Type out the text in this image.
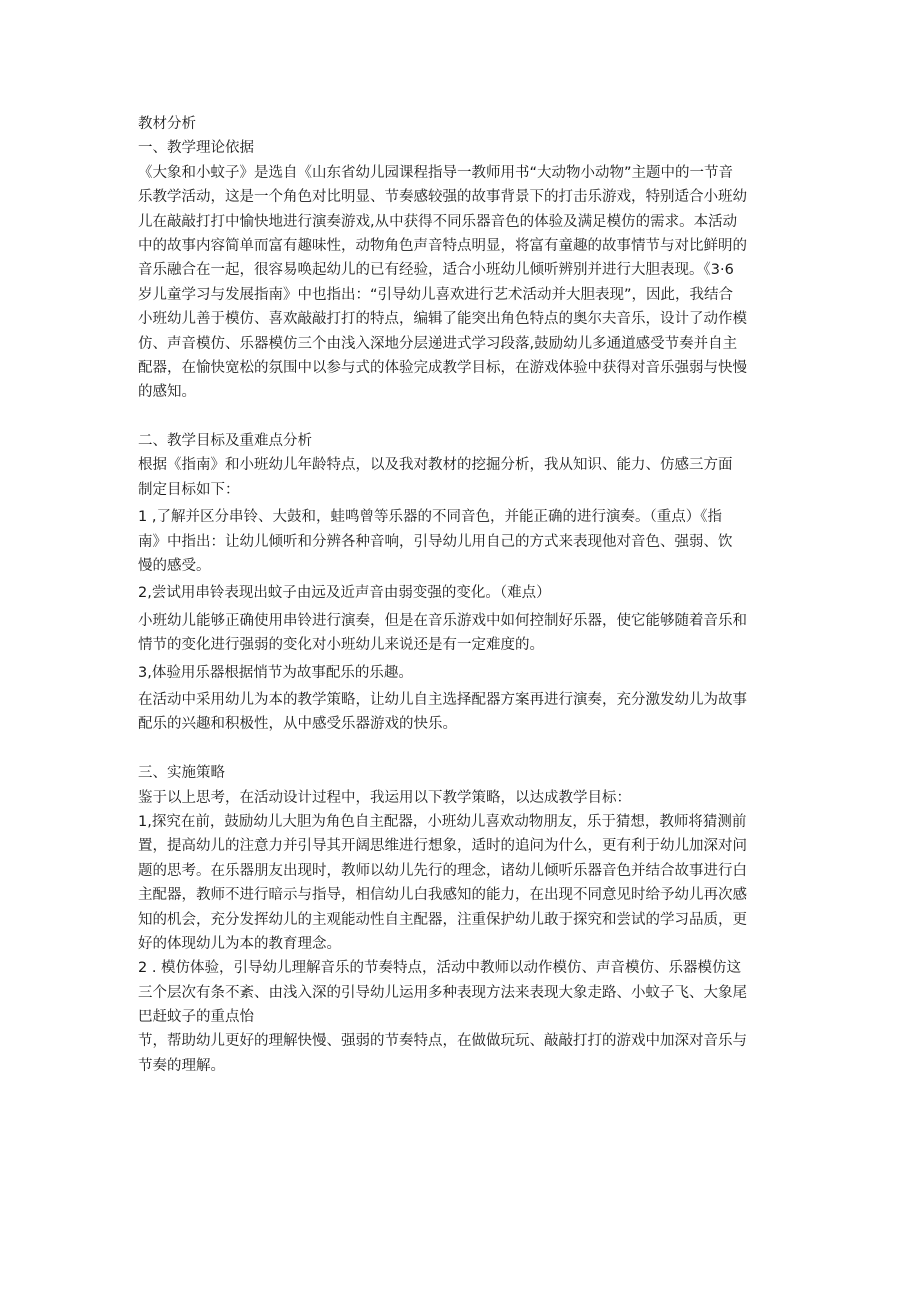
教材分析
一、教学理论依据
《大象和小蚊子》是选自《山东省幼儿园课程指导一教师用书“大动物小动物”主题中的一节音
乐教学活动，这是一个角色对比明显、节奏感较强的故事背景下的打击乐游戏，特别适合小班幼
儿在敲敲打打中愉快地进行演奏游戏,从中获得不同乐器音色的体验及满足模仿的需求。本活动
中的故事内容简单而富有趣味性，动物角色声音特点明显，将富有童趣的故事情节与对比鲜明的
音乐融合在一起，很容易唤起幼儿的已有经验，适合小班幼儿倾听辨别并进行大胆表现。《3·6
岁儿童学习与发展指南》中也指出：“引导幼儿喜欢进行艺术活动并大胆表现”，因此，我结合
小班幼儿善于模仿、喜欢敲敲打打的特点，编辑了能突出角色特点的奥尔夫音乐，设计了动作模
仿、声音模仿、乐器模仿三个由浅入深地分层递进式学习段落,鼓励幼儿多通道感受节奏并自主
配器，在愉快宽松的氛围中以参与式的体验完成教学目标，在游戏体验中获得对音乐强弱与快慢
的感知。
二、教学目标及重难点分析
根据《指南》和小班幼儿年龄特点，以及我对教材的挖掘分析，我从知识、能力、仿感三方面
制定目标如下：
1 ,了解并区分串铃、大鼓和，蛙鸣曾等乐器的不同音色，并能正确的进行演奏。（重点）《指
南》中指出：让幼儿倾听和分辨各种音响，引导幼儿用自己的方式来表现他对音色、强弱、饮
慢的感受。
2,尝试用串铃表现出蚊子由远及近声音由弱变强的变化。（难点）
小班幼儿能够正确使用串铃进行演奏，但是在音乐游戏中如何控制好乐器，使它能够随着音乐和
情节的变化进行强弱的变化对小班幼儿来说还是有一定难度的。
3,体验用乐器根据悄节为故事配乐的乐趣。
在活动中采用幼儿为本的教学策略，让幼儿自主选择配器方案再进行演奏，充分激发幼儿为故事
配乐的兴趣和积极性，从中感受乐器游戏的快乐。
三、实施策略
鉴于以上思考，在活动设计过程中，我运用以下教学策略，以达成教学目标：
1,探究在前，鼓励幼儿大胆为角色自主配器，小班幼儿喜欢动物朋友，乐于猜想，教师将猜测前
置，提高幼儿的注意力并引导其开阔思维进行想象，适时的追问为什么，更有利于幼儿加深对问
题的思考。在乐器朋友出现时，教师以幼儿先行的理念，诸幼儿倾听乐器音色并结合故事进行白
主配器，教师不进行暗示与指导，相信幼儿白我感知的能力，在出现不同意见时给予幼儿再次感
知的机会，充分发挥幼儿的主观能动性自主配器，注重保护幼儿敢于探究和尝试的学习品质，更
好的体现幼儿为本的教育理念。
2 . 模仿体验，引导幼儿理解音乐的节奏特点，活动中教师以动作模仿、声音模仿、乐器模仿这
三个层次有条不紊、由浅入深的引导幼儿运用多种表现方法来表现大象走路、小蚊子飞、大象尾
巴赶蚊子的重点怡
节，帮助幼儿更好的理解快慢、强弱的节奏特点，在做做玩玩、敲敲打打的游戏中加深对音乐与
节奏的理解。
